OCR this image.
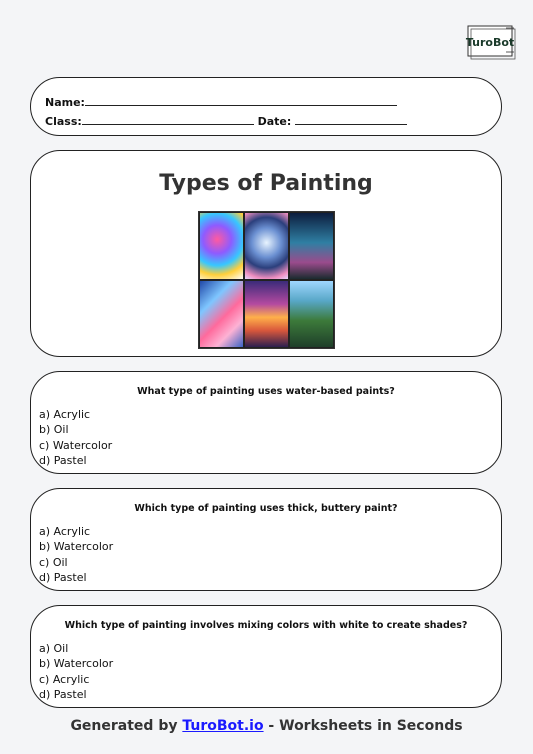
TuroBot
Name:
Class:	Date:
Types of Painting
What type of painting uses water-based paints?
a) Acrylic
b) Oil
c) Watercolor
d) Pastel
Which type of painting uses thick, buttery paint?
a) Acrylic
b) Watercolor
c) Oil
d) Pastel
Which type of painting involves mixing colors with white to create shades?
a) Oil
b) Watercolor
c) Acrylic
d) Pastel
Generated by TuroBot.io - Worksheets in Seconds
